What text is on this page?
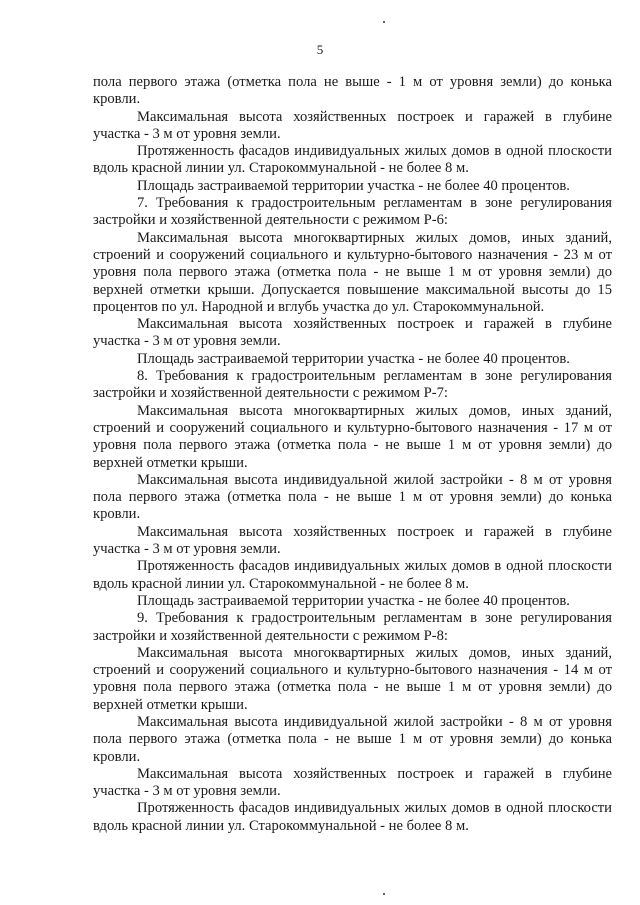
5

пола первого этажа (отметка пола не выше - 1 м от уровня земли) до конька кровли.

Максимальная высота хозяйственных построек и гаражей в глубине участка - 3 м от уровня земли.

Протяженность фасадов индивидуальных жилых домов в одной плоскости вдоль красной линии ул. Старокоммунальной - не более 8 м.

Площадь застраиваемой территории участка - не более 40 процентов.

7. Требования к градостроительным регламентам в зоне регулирования застройки и хозяйственной деятельности с режимом Р-6:

Максимальная высота многоквартирных жилых домов, иных зданий, строений и сооружений социального и культурно-бытового назначения - 23 м от уровня пола первого этажа (отметка пола - не выше 1 м от уровня земли) до верхней отметки крыши. Допускается повышение максимальной высоты до 15 процентов по ул. Народной и вглубь участка до ул. Старокоммунальной.

Максимальная высота хозяйственных построек и гаражей в глубине участка - 3 м от уровня земли.

Площадь застраиваемой территории участка - не более 40 процентов.

8. Требования к градостроительным регламентам в зоне регулирования застройки и хозяйственной деятельности с режимом Р-7:

Максимальная высота многоквартирных жилых домов, иных зданий, строений и сооружений социального и культурно-бытового назначения - 17 м от уровня пола первого этажа (отметка пола - не выше 1 м от уровня земли) до верхней отметки крыши.

Максимальная высота индивидуальной жилой застройки - 8 м от уровня пола первого этажа (отметка пола - не выше 1 м от уровня земли) до конька кровли.

Максимальная высота хозяйственных построек и гаражей в глубине участка - 3 м от уровня земли.

Протяженность фасадов индивидуальных жилых домов в одной плоскости вдоль красной линии ул. Старокоммунальной - не более 8 м.

Площадь застраиваемой территории участка - не более 40 процентов.

9. Требования к градостроительным регламентам в зоне регулирования застройки и хозяйственной деятельности с режимом Р-8:

Максимальная высота многоквартирных жилых домов, иных зданий, строений и сооружений социального и культурно-бытового назначения - 14 м от уровня пола первого этажа (отметка пола - не выше 1 м от уровня земли) до верхней отметки крыши.

Максимальная высота индивидуальной жилой застройки - 8 м от уровня пола первого этажа (отметка пола - не выше 1 м от уровня земли) до конька кровли.

Максимальная высота хозяйственных построек и гаражей в глубине участка - 3 м от уровня земли.

Протяженность фасадов индивидуальных жилых домов в одной плоскости вдоль красной линии ул. Старокоммунальной - не более 8 м.
